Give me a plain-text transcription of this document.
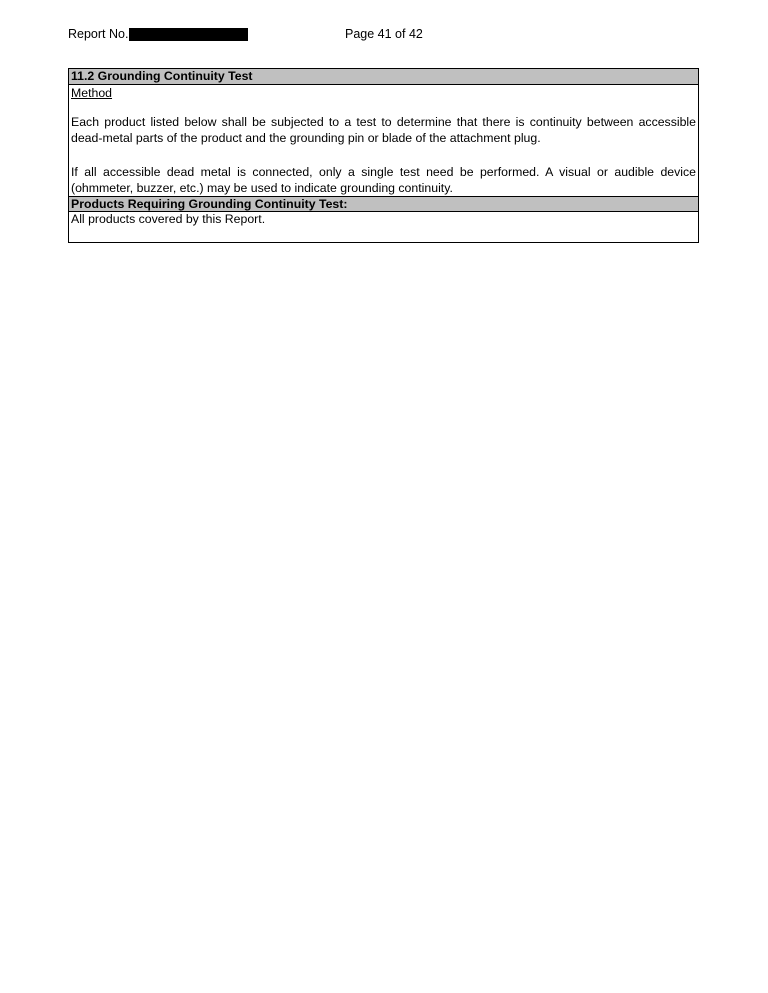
Report No.	Page 41 of 42
11.2 Grounding Continuity Test
Method

Each product listed below shall be subjected to a test to determine that there is continuity between accessible dead-metal parts of the product and the grounding pin or blade of the attachment plug.

If all accessible dead metal is connected, only a single test need be performed. A visual or audible device (ohmmeter, buzzer, etc.) may be used to indicate grounding continuity.

Products Requiring Grounding Continuity Test:
All products covered by this Report.
